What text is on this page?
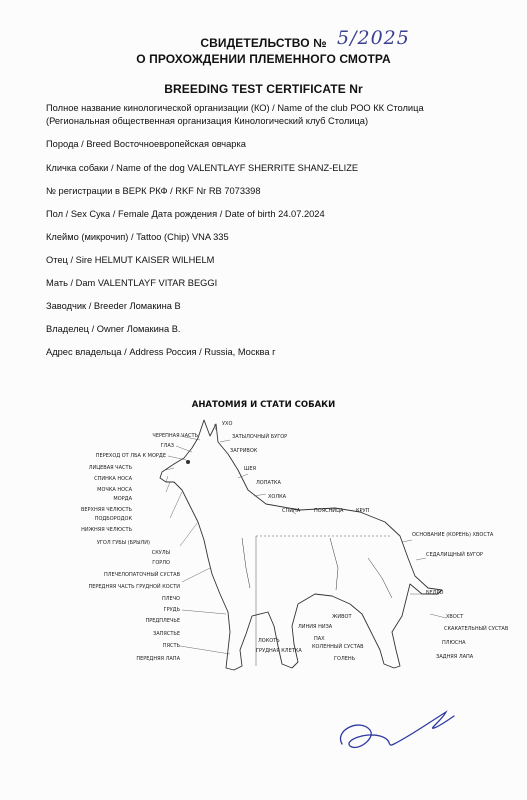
СВИДЕТЕЛЬСТВО № 5/2025
О ПРОХОЖДЕНИИ ПЛЕМЕННОГО СМОТРА
BREEDING TEST CERTIFICATE Nr
Полное название кинологической организации (КО) / Name of the club РОО КК Столица
(Региональная общественная организация Кинологический клуб Столица)
Порода / Breed Восточноевропейская овчарка
Кличка собаки / Name of the dog VALENTLAYF SHERRITE SHANZ-ELIZE
№ регистрации в ВЕРК РКФ / RKF Nr RB 7073398
Пол / Sex Сука / Female Дата рождения / Date of birth 24.07.2024
Клеймо (микрочип) / Tattoo (Chip) VNA 335
Отец / Sire HELMUT KAISER WILHELM
Мать / Dam VALENTLAYF VITAR BEGGI
Заводчик / Breeder Ломакина В
Владелец / Owner Ломакина В.
Адрес владельца / Address Россия / Russia, Москва г
АНАТОМИЯ И СТАТИ СОБАКИ
ЧЕРЕПНАЯ ЧАСТЬ
ГЛАЗ
ПЕРЕХОД ОТ ЛБА К МОРДЕ
ЛИЦЕВАЯ ЧАСТЬ
СПИНКА НОСА
МОЧКА НОСА
МОРДА
ВЕРХНЯЯ ЧЕЛЮСТЬ
ПОДБОРОДОК
НИЖНЯЯ ЧЕЛЮСТЬ
УГОЛ ГУБЫ (БРЫЛИ)
СКУЛЫ
ГОРЛО
ПЛЕЧЕЛОПАТОЧНЫЙ СУСТАВ
ПЕРЕДНЯЯ ЧАСТЬ ГРУДНОЙ КОСТИ
ПЛЕЧО
ГРУДЬ
ПРЕДПЛЕЧЬЕ
ЗАПЯСТЬЕ
ПЯСТЬ
ПЕРЕДНЯЯ ЛАПА
УХО
ЗАТЫЛОЧНЫЙ БУГОР
ЗАГРИВОК
ШЕЯ
ЛОПАТКА
ХОЛКА
СПИНА	ПОЯСНИЦА	КРУП
ОСНОВАНИЕ (КОРЕНЬ) ХВОСТА
СЕДАЛИЩНЫЙ БУГОР
БЕДРО
ХВОСТ
СКАКАТЕЛЬНЫЙ СУСТАВ
ПЛЮСНА
ЗАДНЯЯ ЛАПА
ЛОКОТЬ
ГРУДНАЯ КЛЕТКА
ЛИНИЯ НИЗА
ПАХ
ЖИВОТ
КОЛЕННЫЙ СУСТАВ
ГОЛЕНЬ
